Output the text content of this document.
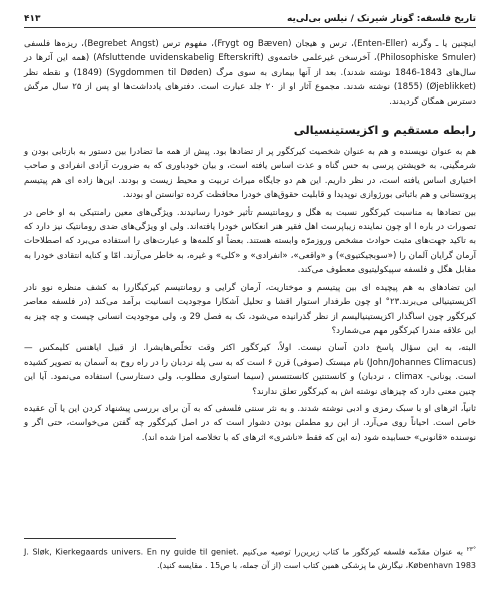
تاریخ فلسفه: گونار شیرنک / نیلس بی‌لی‌یه
۴۱۳

اینچنین یا ـ وگرنه (Enten-Eller)، ترس و هیجان (Frygt og Bæven)، مفهوم ترس (Begrebet Angst)، ریزه‌ها فلسفی (Philosophiske Smuler)، آخرسخن غیرعلمی خاتمه‌وی (Afsluttende uvidenskabelig Efterskrift) (همه این آثرها در سال‌های 1843-1846 نوشته شدند). بعد از آنها بیماری به سوی مرگ (Sygdommen til Døden) (1849) و نقطه نظر (Øjeblikket) (1855) نوشته شدند. مجموع آثار او از ۲۰ جلد عبارت است. دفترهای یادداشت‌ها او پس از ۲۵ سال مرگش دسترس همگان گردیدند.

رابطه مستقیم و اکزیستینسیالی

هم به عنوان نویسنده و هم به عنوان شخصیت کیرکگور پر از تضادها بود. پیش از همه ما تضادرا بین دستور به بازتابی بودن و شرمگینی، به خویشتن پرسی به حس گناه و عذت اساس یافته است، و بیان خودباوری که به ضرورت آزادی انفرادی و صاحب اختیاری اساس یافته است، در نظر داریم. این هم دو جایگاه میراث تربیت و محیط زیست و بودند. این‌ها زاده ای هم پیتیسم پروتستانی و هم باثباتی بورژوازی نوپدیدا و قابلیت حقوق‌های خودرا محافظت کرده توانستن او بودند.

بین تضادها به مناسبت کیرکگور نسبت به هگل و رومانتیسم تأثیر خودرا رسانیدند. ویژگی‌های معین رامنتیکی به او خاص در تصورات در باره ا او چون نماینده زیباپرست اهل فقیر هنر انعکاس خودرا یافته‌اند. ولی او ویژگی‌های ضدی رومانتیک نیز دارد که به تاکید جهت‌های مثبت حوادث مشخص وروزمرّه وابسته هستند. بعضاً او کلمه‌ها و عبارت‌های را استفاده می‌برد که اصطلاحات آرمان گرایان آلمان را («سوبجیکتیوی») و «واقعی»، «انفرادی» و «کلی» و غیره، به خاطر می‌آرند. امّا و کنایه انتقادی خودرا به مقابل هگل و فلسفه سپیکولیتیوی معطوف می‌کند.

این تضادهای به هم پیچیده ای بین پیتیسم و موختاریت، آرمان گرایی و رومانتیسم کیرکیگاررا به کشف منظره نوو نادر اکزیستینیالی می‌برند.۲۳° او چون طرفدار استوار اقشا و تحلیل آشکارا موجودیت انسانیت برآمد می‌کند (در فلسفه معاصر کیرکگور چون اساگذار اکزیستینیالیسم از نظر گذرانیده می‌شود، تک به فصل 29 و، ولی موجودیت انسانی چیست و چه چیز به این علاقه مندرا کیرکگور مهم می‌شمارد؟

البته، به این سؤال پاسخ دادن آسان نیست. اولاً، کیرکگور اکثر وقت تخلّص‌هایشرا. از قبیل ایاهنس کلیمکس — (John/Johannes Climacus) نام میستک (صوفی) قرن ۶ است که به سی پله نردبان را در راه روح به آسمان به تصویر کشیده است. یونانی- climax ، نردبان) و کانستنتین کانستنسس (سیما استواری مطلوب، ولی دستارسی) استفاده می‌نمود. آیا این چنین معنی دارد که چیزهای نوشته اش به کیرکگور تعلق ندارند؟

ثانیاً، اثرهای او با سبک رمزی و ادبی نوشته شدند. و به نثر سنتی فلسفی که به آن برای بررسی پیشنهاد کردن این یا آن عقیده خاص است. احیاناً روی می‌آرد. از این رو مطمئن بودن دشوار است که در اصل کیرکگور چه گفتن می‌خواست، حتی اگر و نوسنده «قانونی» حسابیده شود (نه این که فقط «ناشری» اثرهای که با تخلاصه امزا شده اند).

$^{۲۳^\circ}$ به عنوان مقدّمه فلسفه کیرکگور ما کتاب زیرین‌را توصیه می‌کنیم J. Sløk, Kierkegaards univers. En ny guide til geniet. København 1983، نیگارش ما پزشکی همین کتاب است (از آن جمله، با ص15 . مقایسه کنید).
